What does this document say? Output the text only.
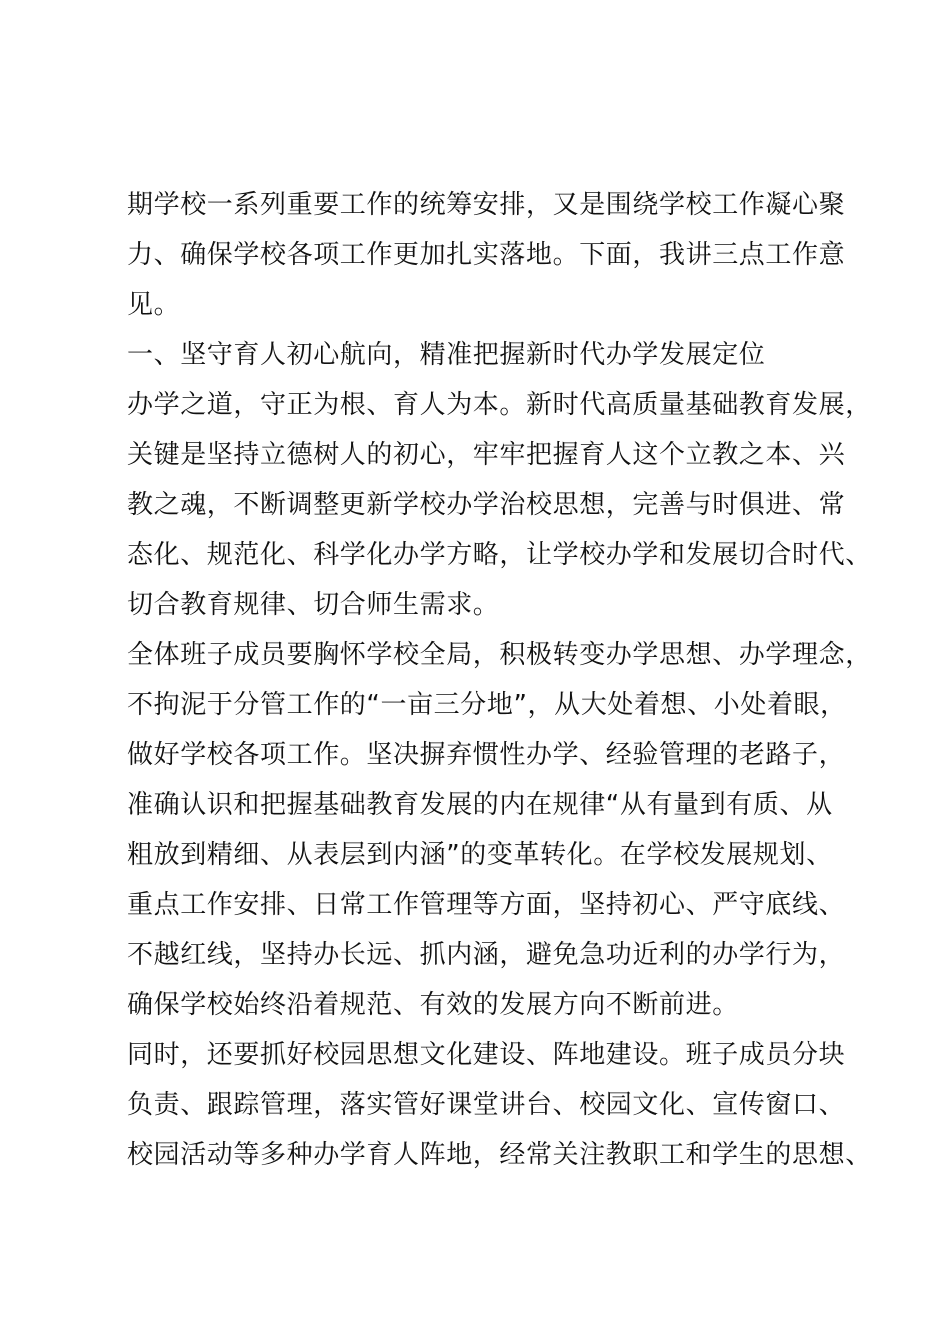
期学校一系列重要工作的统筹安排，又是围绕学校工作凝心聚
力、确保学校各项工作更加扎实落地。下面，我讲三点工作意
见。
一、坚守育人初心航向，精准把握新时代办学发展定位
办学之道，守正为根、育人为本。新时代高质量基础教育发展，
关键是坚持立德树人的初心，牢牢把握育人这个立教之本、兴
教之魂，不断调整更新学校办学治校思想，完善与时俱进、常
态化、规范化、科学化办学方略，让学校办学和发展切合时代、
切合教育规律、切合师生需求。
全体班子成员要胸怀学校全局，积极转变办学思想、办学理念，
不拘泥于分管工作的“一亩三分地”，从大处着想、小处着眼，
做好学校各项工作。坚决摒弃惯性办学、经验管理的老路子，
准确认识和把握基础教育发展的内在规律“从有量到有质、从
粗放到精细、从表层到内涵”的变革转化。在学校发展规划、
重点工作安排、日常工作管理等方面，坚持初心、严守底线、
不越红线，坚持办长远、抓内涵，避免急功近利的办学行为，
确保学校始终沿着规范、有效的发展方向不断前进。
同时，还要抓好校园思想文化建设、阵地建设。班子成员分块
负责、跟踪管理，落实管好课堂讲台、校园文化、宣传窗口、
校园活动等多种办学育人阵地，经常关注教职工和学生的思想、
